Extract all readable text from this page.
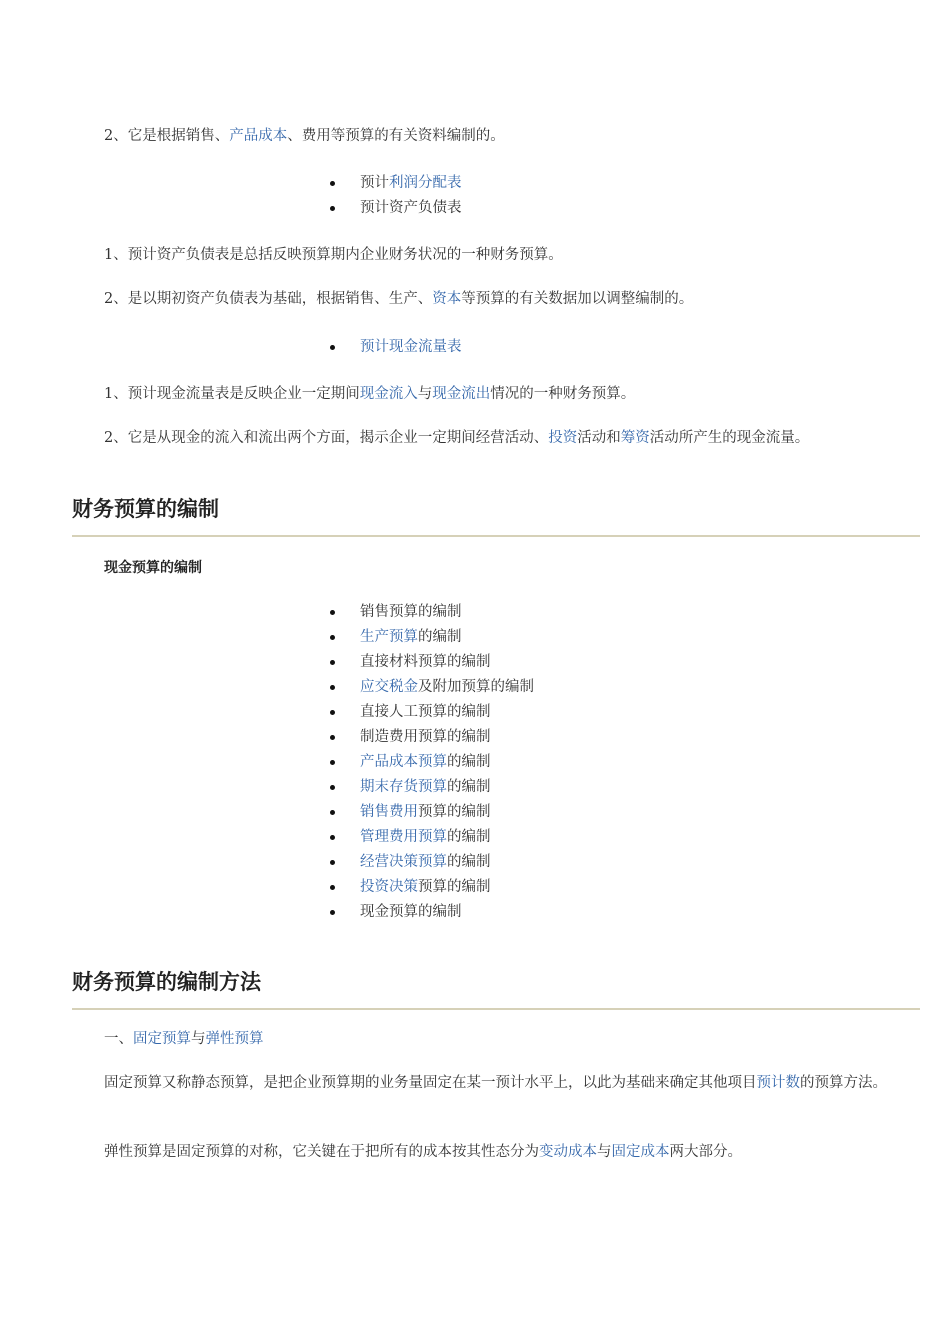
2、它是根据销售、产品成本、费用等预算的有关资料编制的。

预计利润分配表
预计资产负债表

1、预计资产负债表是总括反映预算期内企业财务状况的一种财务预算。

2、是以期初资产负债表为基础，根据销售、生产、资本等预算的有关数据加以调整编制的。

预计现金流量表

1、预计现金流量表是反映企业一定期间现金流入与现金流出情况的一种财务预算。

2、它是从现金的流入和流出两个方面，揭示企业一定期间经营活动、投资活动和筹资活动所产生的现金流量。

财务预算的编制
现金预算的编制
销售预算的编制
生产预算的编制
直接材料预算的编制
应交税金及附加预算的编制
直接人工预算的编制
制造费用预算的编制
产品成本预算的编制
期末存货预算的编制
销售费用预算的编制
管理费用预算的编制
经营决策预算的编制
投资决策预算的编制
现金预算的编制
财务预算的编制方法

一、固定预算与弹性预算

固定预算又称静态预算，是把企业预算期的业务量固定在某一预计水平上，以此为基础来确定其他项目预计数的预算方法。

弹性预算是固定预算的对称，它关键在于把所有的成本按其性态分为变动成本与固定成本两大部分。
